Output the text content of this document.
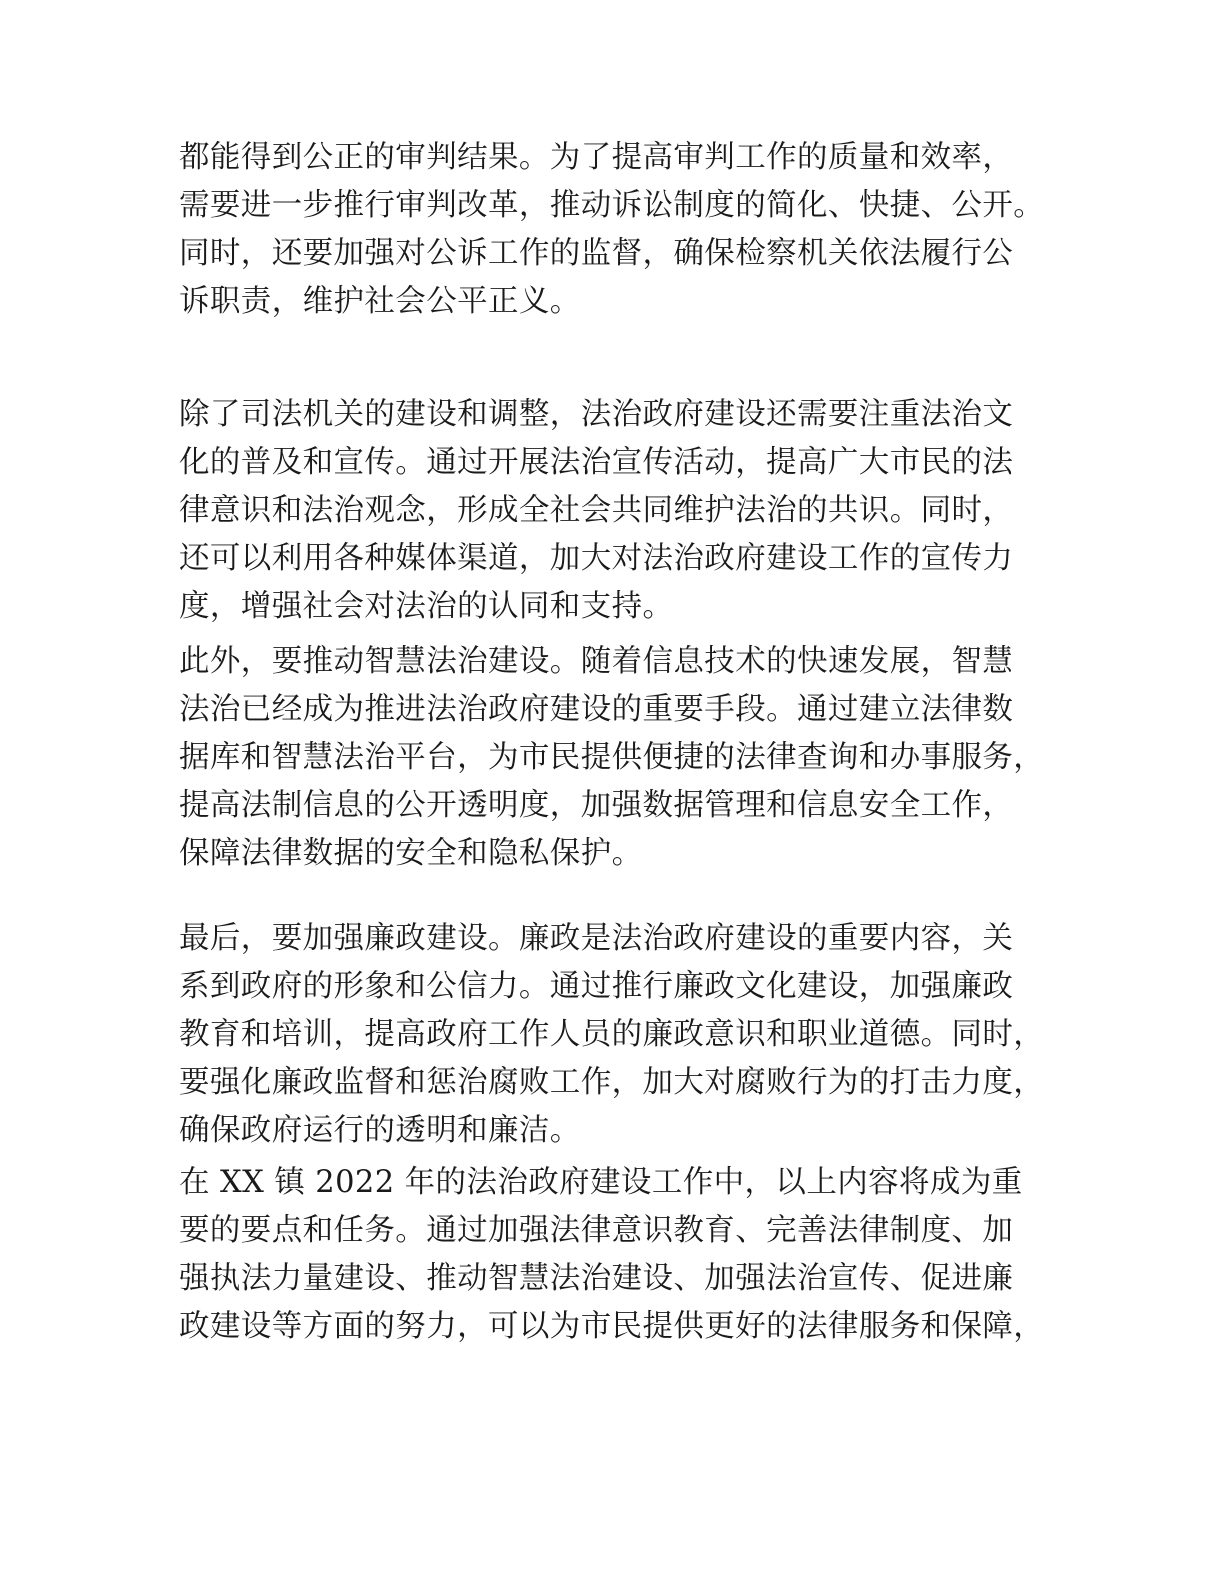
都能得到公正的审判结果。为了提高审判工作的质量和效率，
需要进一步推行审判改革，推动诉讼制度的简化、快捷、公开。
同时，还要加强对公诉工作的监督，确保检察机关依法履行公
诉职责，维护社会公平正义。
除了司法机关的建设和调整，法治政府建设还需要注重法治文
化的普及和宣传。通过开展法治宣传活动，提高广大市民的法
律意识和法治观念，形成全社会共同维护法治的共识。同时，
还可以利用各种媒体渠道，加大对法治政府建设工作的宣传力
度，增强社会对法治的认同和支持。
此外，要推动智慧法治建设。随着信息技术的快速发展，智慧
法治已经成为推进法治政府建设的重要手段。通过建立法律数
据库和智慧法治平台，为市民提供便捷的法律查询和办事服务，
提高法制信息的公开透明度，加强数据管理和信息安全工作，
保障法律数据的安全和隐私保护。
最后，要加强廉政建设。廉政是法治政府建设的重要内容，关
系到政府的形象和公信力。通过推行廉政文化建设，加强廉政
教育和培训，提高政府工作人员的廉政意识和职业道德。同时，
要强化廉政监督和惩治腐败工作，加大对腐败行为的打击力度，
确保政府运行的透明和廉洁。
在 XX 镇 2022 年的法治政府建设工作中，以上内容将成为重
要的要点和任务。通过加强法律意识教育、完善法律制度、加
强执法力量建设、推动智慧法治建设、加强法治宣传、促进廉
政建设等方面的努力，可以为市民提供更好的法律服务和保障，
